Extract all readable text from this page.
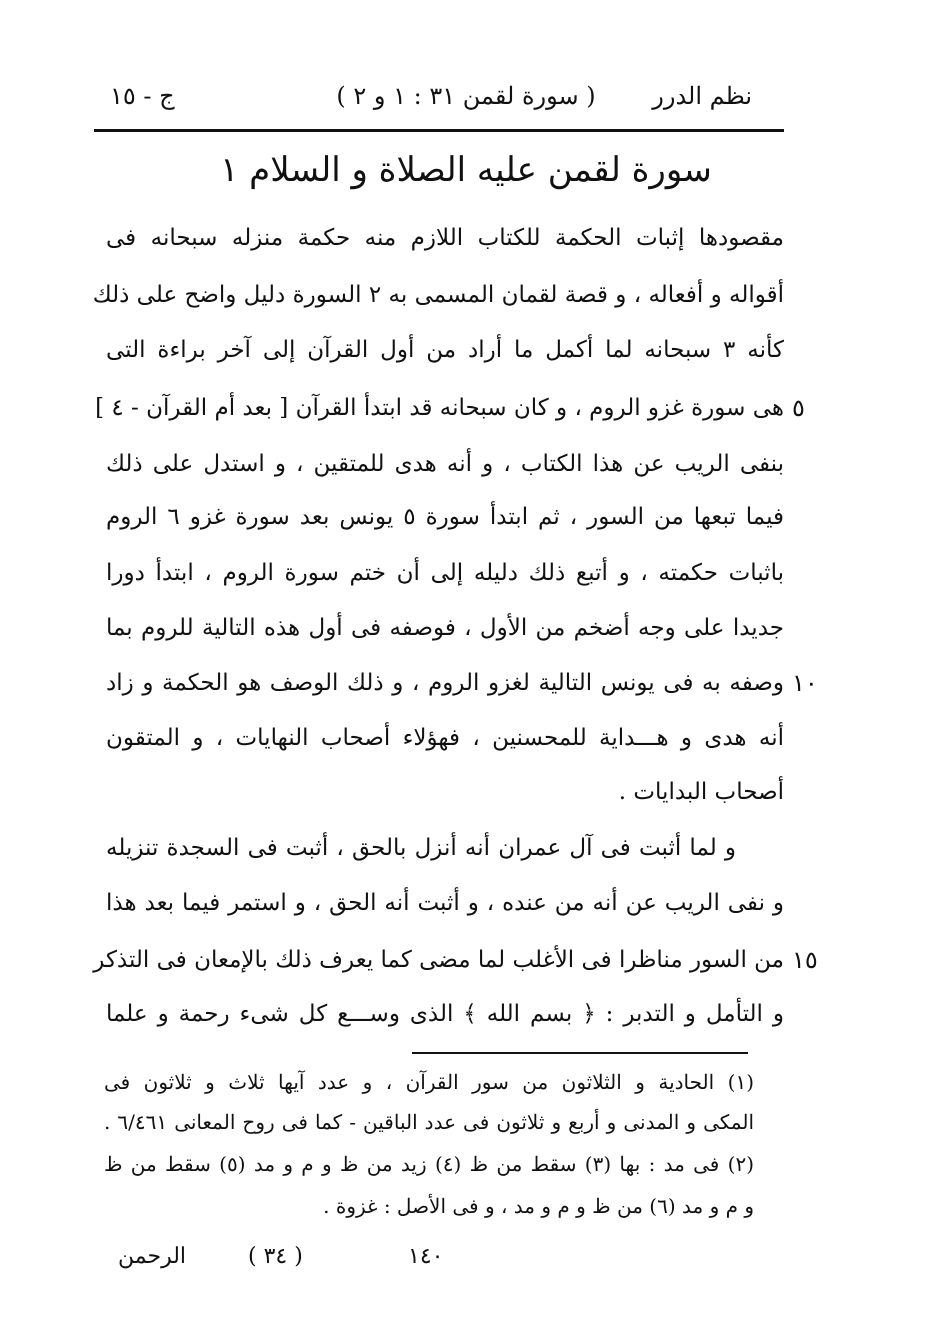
نظم الدرر
( سورة لقمن ٣١ : ١ و ٢ )
ج - ١٥
سورة لقمن عليه الصلاة و السلام ١
مقصودها إثبات الحكمة للكتاب اللازم منه حكمة منزله سبحانه فى
أقواله و أفعاله ، و قصة لقمان المسمى به ٢ السورة دليل واضح على ذلك
كأنه ٣ سبحانه لما أكمل ما أراد من أول القرآن إلى آخر براءة التى
٥
هى سورة غزو الروم ، و كان سبحانه قد ابتدأ القرآن [ بعد أم القرآن - ٤ ]
بنفى الريب عن هذا الكتاب ، و أنه هدى للمتقين ، و استدل على ذلك
فيما تبعها من السور ، ثم ابتدأ سورة ٥ يونس بعد سورة غزو ٦ الروم
باثبات حكمته ، و أتبع ذلك دليله إلى أن ختم سورة الروم ، ابتدأ دورا
جديدا على وجه أضخم من الأول ، فوصفه فى أول هذه التالية للروم بما
١٠
وصفه به فى يونس التالية لغزو الروم ، و ذلك الوصف هو الحكمة و زاد
أنه هدى و هـــداية للمحسنين ، فهؤلاء أصحاب النهايات ، و المتقون
أصحاب البدايات .
و لما أثبت فى آل عمران أنه أنزل بالحق ، أثبت فى السجدة تنزيله
و نفى الريب عن أنه من عنده ، و أثبت أنه الحق ، و استمر فيما بعد هذا
١٥
من السور مناظرا فى الأغلب لما مضى كما يعرف ذلك بالإمعان فى التذكر
و التأمل و التدبر : ﴿ بسم الله ﴾ الذى وســـع كل شىء رحمة و علما
(١) الحادية و الثلاثون من سور القرآن ، و عدد آيها ثلاث و ثلاثون فى
المكى و المدنى و أربع و ثلاثون فى عدد الباقين - كما فى روح المعانى ٦/٤٦١ .
(٢) فى مد : بها (٣) سقط من ظ (٤) زيد من ظ و م و مد (٥) سقط من ظ
و م و مد (٦) من ظ و م و مد ، و فى الأصل : غزوة .
الرحمن	( ٣٤ )	١٤٠
